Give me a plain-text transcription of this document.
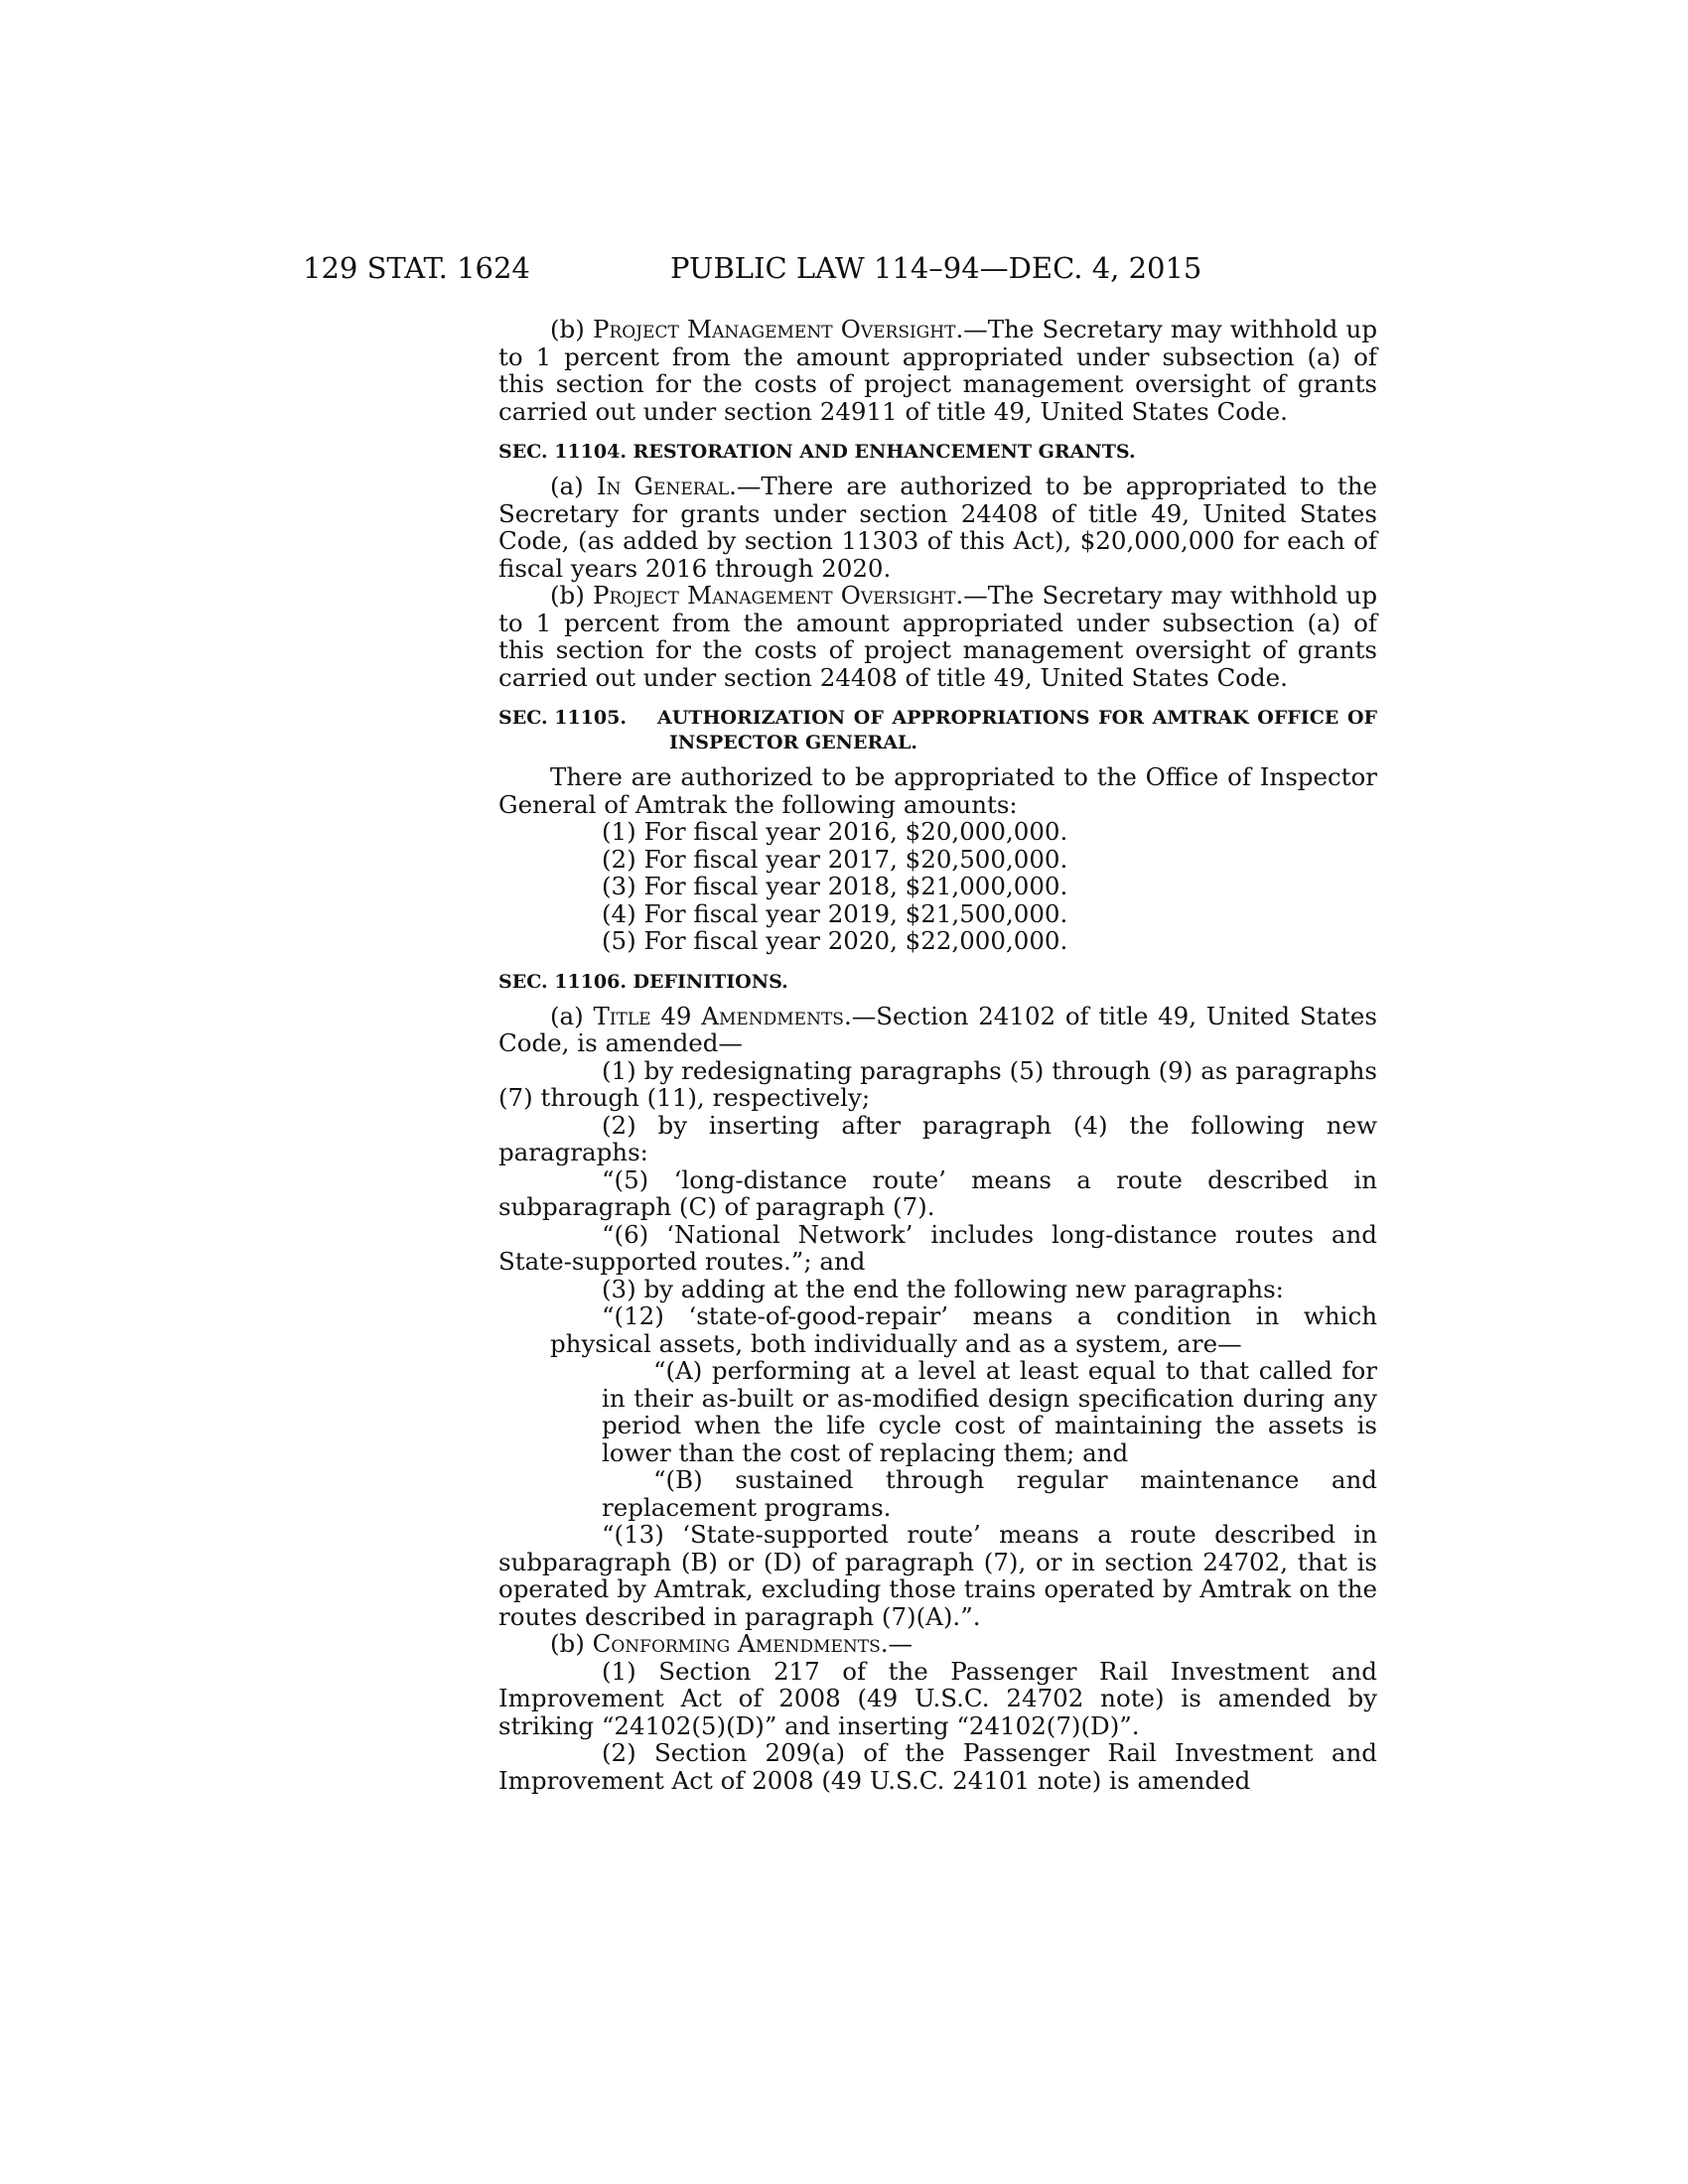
129 STAT. 1624	PUBLIC LAW 114–94—DEC. 4, 2015

(b) Project Management Oversight.—The Secretary may withhold up to 1 percent from the amount appropriated under subsection (a) of this section for the costs of project management oversight of grants carried out under section 24911 of title 49, United States Code.

SEC. 11104. RESTORATION AND ENHANCEMENT GRANTS.

(a) In General.—There are authorized to be appropriated to the Secretary for grants under section 24408 of title 49, United States Code, (as added by section 11303 of this Act), $20,000,000 for each of fiscal years 2016 through 2020.

(b) Project Management Oversight.—The Secretary may withhold up to 1 percent from the amount appropriated under subsection (a) of this section for the costs of project management oversight of grants carried out under section 24408 of title 49, United States Code.

SEC. 11105. AUTHORIZATION OF APPROPRIATIONS FOR AMTRAK OFFICE OF INSPECTOR GENERAL.

There are authorized to be appropriated to the Office of Inspector General of Amtrak the following amounts:

(1) For fiscal year 2016, $20,000,000.

(2) For fiscal year 2017, $20,500,000.

(3) For fiscal year 2018, $21,000,000.

(4) For fiscal year 2019, $21,500,000.

(5) For fiscal year 2020, $22,000,000.

SEC. 11106. DEFINITIONS.

(a) Title 49 Amendments.—Section 24102 of title 49, United States Code, is amended—

(1) by redesignating paragraphs (5) through (9) as paragraphs (7) through (11), respectively;

(2) by inserting after paragraph (4) the following new paragraphs:

“(5) ‘long-distance route’ means a route described in subparagraph (C) of paragraph (7).

“(6) ‘National Network’ includes long-distance routes and State-supported routes.”; and

(3) by adding at the end the following new paragraphs:

“(12) ‘state-of-good-repair’ means a condition in which physical assets, both individually and as a system, are—

“(A) performing at a level at least equal to that called for in their as-built or as-modified design specification during any period when the life cycle cost of maintaining the assets is lower than the cost of replacing them; and

“(B) sustained through regular maintenance and replacement programs.

“(13) ‘State-supported route’ means a route described in subparagraph (B) or (D) of paragraph (7), or in section 24702, that is operated by Amtrak, excluding those trains operated by Amtrak on the routes described in paragraph (7)(A).”.

(b) Conforming Amendments.—

(1) Section 217 of the Passenger Rail Investment and Improvement Act of 2008 (49 U.S.C. 24702 note) is amended by striking “24102(5)(D)” and inserting “24102(7)(D)”.

(2) Section 209(a) of the Passenger Rail Investment and Improvement Act of 2008 (49 U.S.C. 24101 note) is amended
